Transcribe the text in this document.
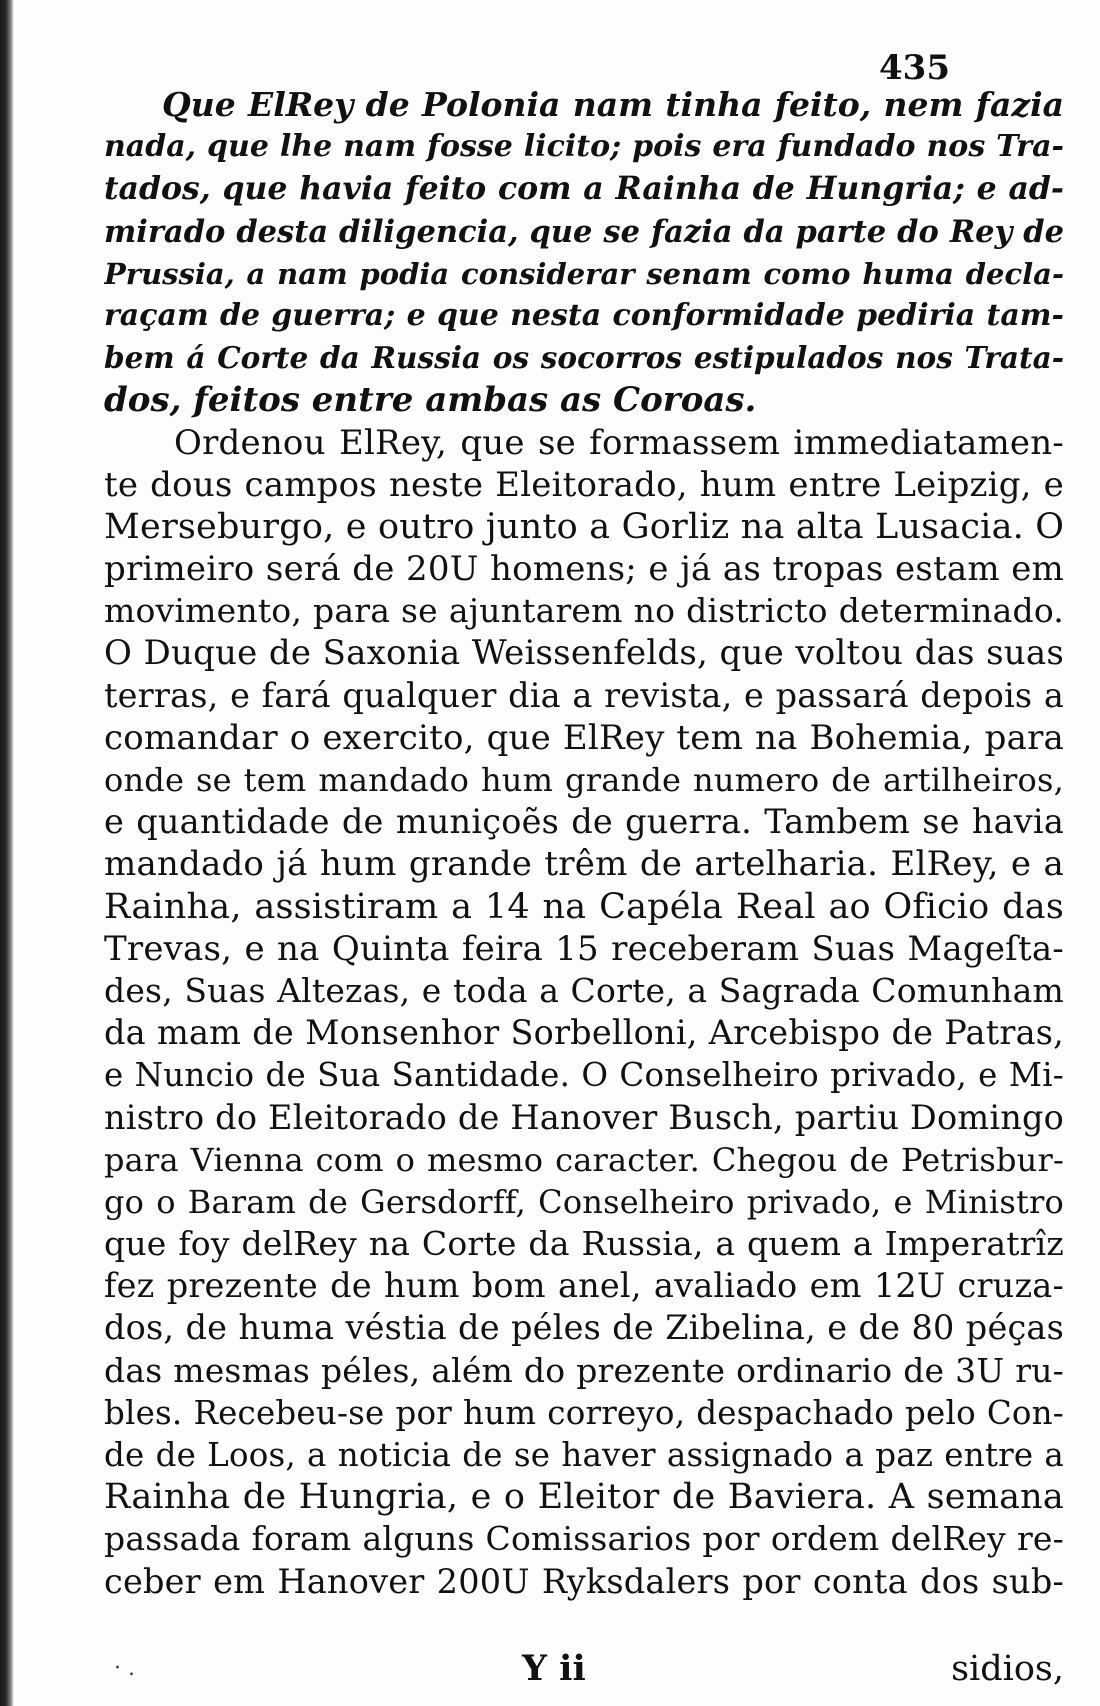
435
Que ElRey de Polonia nam tinha feito, nem fazia
nada, que lhe nam fosse licito; pois era fundado nos Tra-
tados, que havia feito com a Rainha de Hungria; e ad-
mirado desta diligencia, que se fazia da parte do Rey de
Prussia, a nam podia considerar senam como huma decla-
raçam de guerra; e que nesta conformidade pediria tam-
bem á Corte da Russia os socorros estipulados nos Trata-
dos, feitos entre ambas as Coroas.
Ordenou ElRey, que se formassem immediatamen-
te dous campos neste Eleitorado, hum entre Leipzig, e
Merseburgo, e outro junto a Gorliz na alta Lusacia. O
primeiro será de 20U homens; e já as tropas estam em
movimento, para se ajuntarem no districto determinado.
O Duque de Saxonia Weissenfelds, que voltou das suas
terras, e fará qualquer dia a revista, e passará depois a
comandar o exercito, que ElRey tem na Bohemia, para
onde se tem mandado hum grande numero de artilheiros,
e quantidade de muniçoẽs de guerra. Tambem se havia
mandado já hum grande trêm de artelharia. ElRey, e a
Rainha, assistiram a 14 na Capéla Real ao Oficio das
Trevas, e na Quinta feira 15 receberam Suas Mageſta-
des, Suas Altezas, e toda a Corte, a Sagrada Comunham
da mam de Monsenhor Sorbelloni, Arcebispo de Patras,
e Nuncio de Sua Santidade. O Conselheiro privado, e Mi-
nistro do Eleitorado de Hanover Busch, partiu Domingo
para Vienna com o mesmo caracter. Chegou de Petrisbur-
go o Baram de Gersdorff, Conselheiro privado, e Ministro
que foy delRey na Corte da Russia, a quem a Imperatrîz
fez prezente de hum bom anel, avaliado em 12U cruza-
dos, de huma véstia de péles de Zibelina, e de 80 péças
das mesmas péles, além do prezente ordinario de 3U ru-
bles. Recebeu-se por hum correyo, despachado pelo Con-
de de Loos, a noticia de se haver assignado a paz entre a
Rainha de Hungria, e o Eleitor de Baviera. A semana
passada foram alguns Comissarios por ordem delRey re-
ceber em Hanover 200U Ryksdalers por conta dos sub-
· .	Y ii	sidios,
